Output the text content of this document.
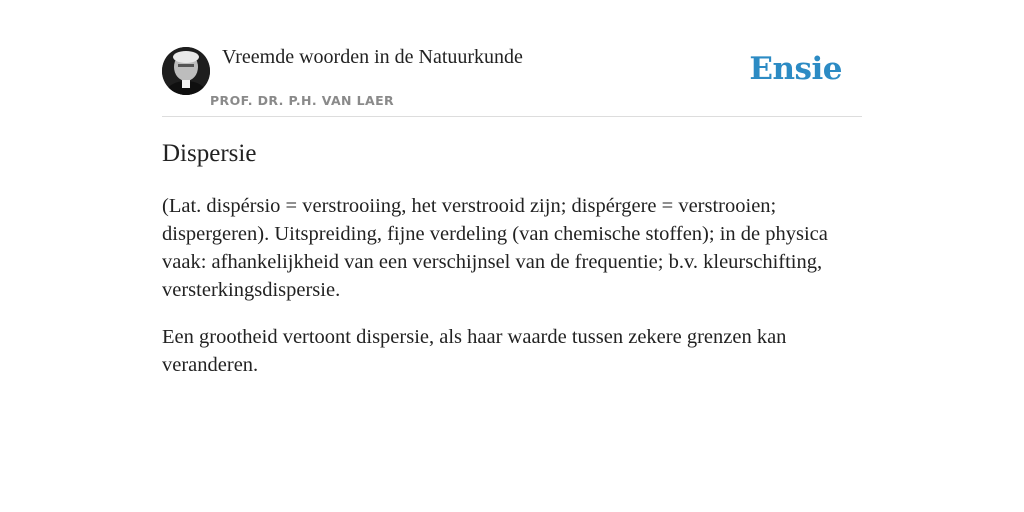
Vreemde woorden in de Natuurkunde
PROF. DR. P.H. VAN LAER
Ensie
Dispersie

(Lat. dispérsio = verstrooiing, het verstrooid zijn; dispérgere = verstrooien; dispergeren). Uitspreiding, fijne verdeling (van chemische stoffen); in de physica vaak: afhankelijkheid van een verschijnsel van de frequentie; b.v. kleurschifting, versterkingsdispersie.

Een grootheid vertoont dispersie, als haar waarde tussen zekere grenzen kan veranderen.
